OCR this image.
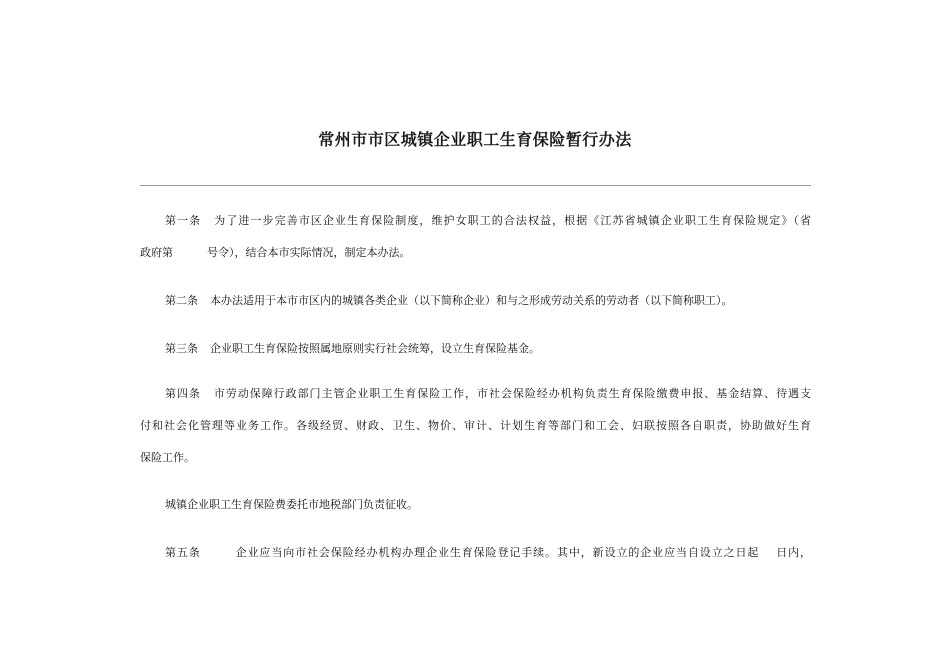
常州市市区城镇企业职工生育保险暂行办法

第一条 为了进一步完善市区企业生育保险制度，维护女职工的合法权益，根据《江苏省城镇企业职工生育保险规定》（省

政府第	号令），结合本市实际情况，制定本办法。

第二条 本办法适用于本市市区内的城镇各类企业（以下简称企业）和与之形成劳动关系的劳动者（以下简称职工）。

第三条 企业职工生育保险按照属地原则实行社会统筹，设立生育保险基金。

第四条 市劳动保障行政部门主管企业职工生育保险工作，市社会保险经办机构负责生育保险缴费申报、基金结算、待遇支

付和社会化管理等业务工作。各级经贸、财政、卫生、物价、审计、计划生育等部门和工会、妇联按照各自职责，协助做好生育

保险工作。

城镇企业职工生育保险费委托市地税部门负责征收。

第五条	企业应当向市社会保险经办机构办理企业生育保险登记手续。其中，新设立的企业应当自设立之日起 日内，
